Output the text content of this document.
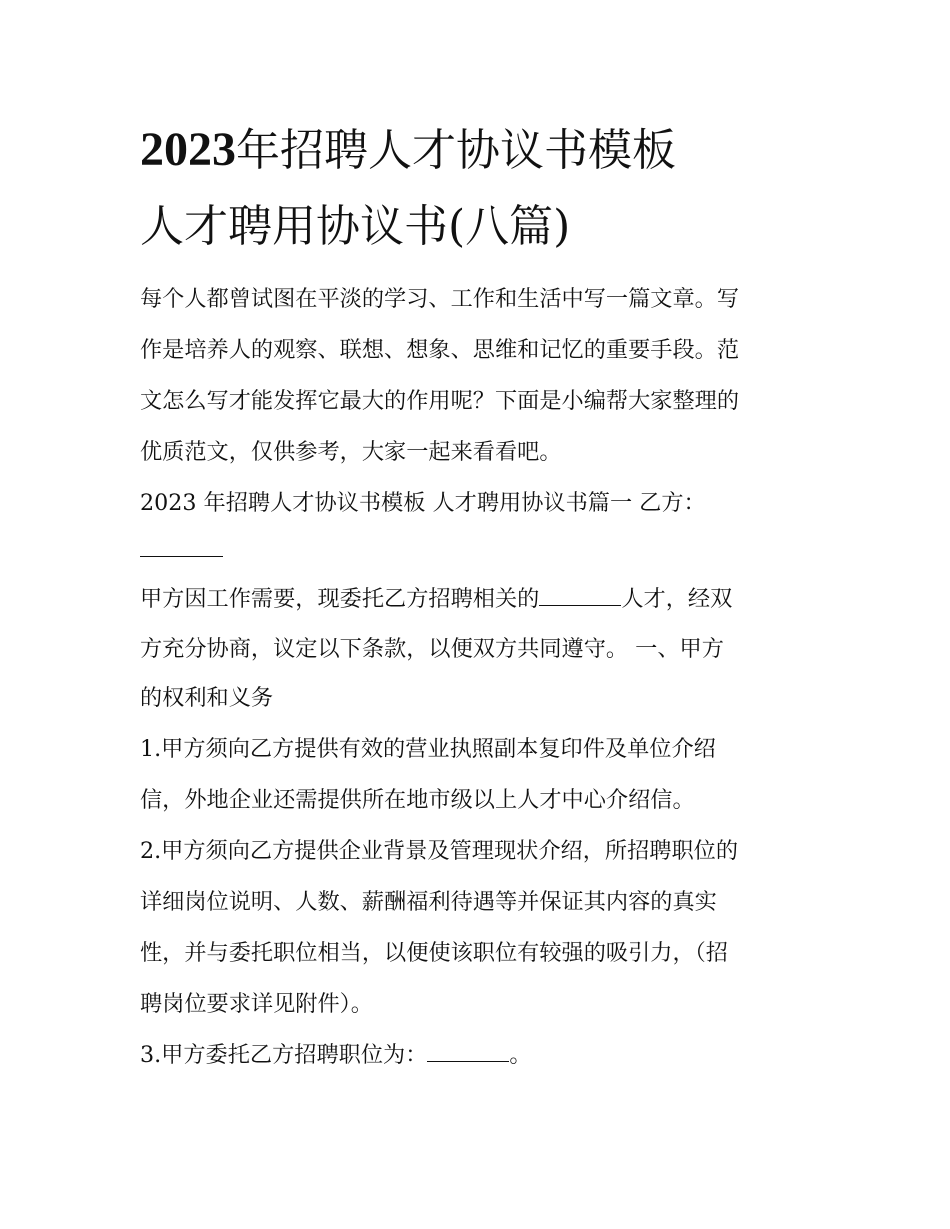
2023年招聘人才协议书模板
人才聘用协议书(八篇)

每个人都曾试图在平淡的学习、工作和生活中写一篇文章。写

作是培养人的观察、联想、想象、思维和记忆的重要手段。范

文怎么写才能发挥它最大的作用呢？下面是小编帮大家整理的

优质范文，仅供参考，大家一起来看看吧。

2023 年招聘人才协议书模板 人才聘用协议书篇一 乙方：

甲方因工作需要，现委托乙方招聘相关的	人才，经双

方充分协商，议定以下条款，以便双方共同遵守。 一、甲方

的权利和义务

1.甲方须向乙方提供有效的营业执照副本复印件及单位介绍

信，外地企业还需提供所在地市级以上人才中心介绍信。

2.甲方须向乙方提供企业背景及管理现状介绍，所招聘职位的

详细岗位说明、人数、薪酬福利待遇等并保证其内容的真实

性，并与委托职位相当，以便使该职位有较强的吸引力，（招

聘岗位要求详见附件）。

3.甲方委托乙方招聘职位为：	。
